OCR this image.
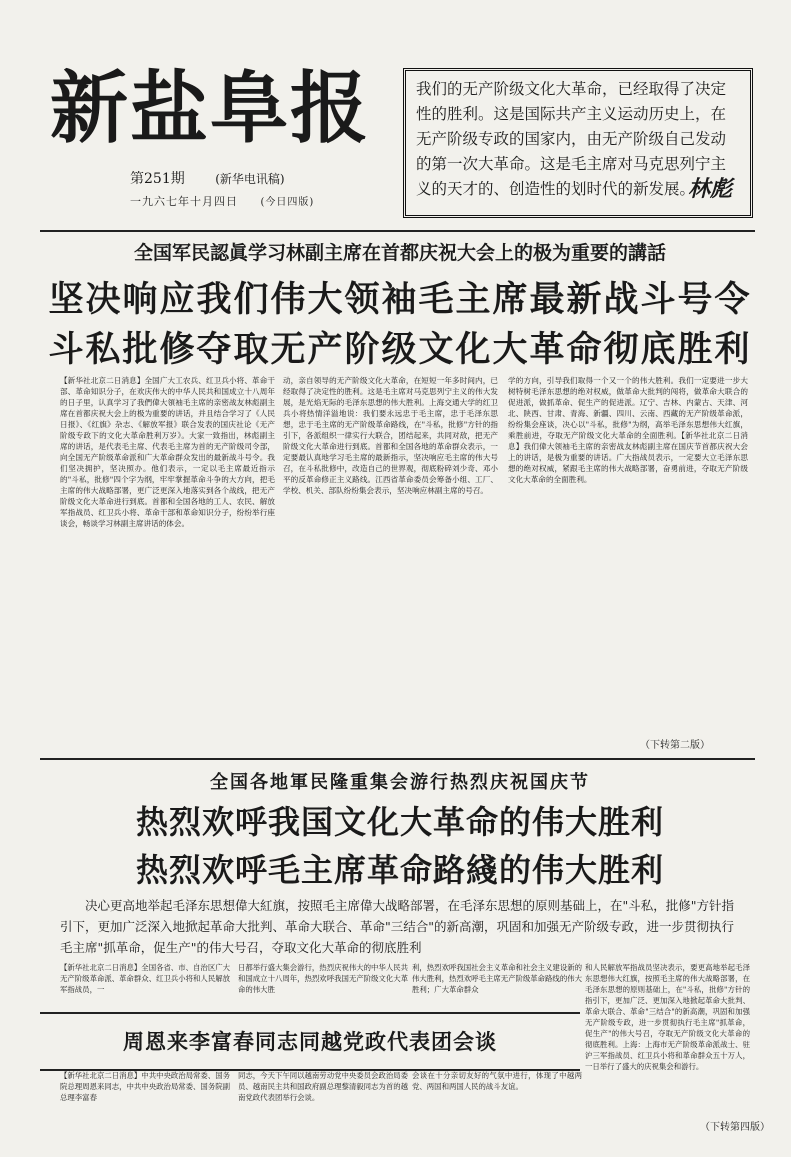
新盐阜报
第251期	(新华电讯稿)
一九六七年十月四日 (今日四版)
我们的无产阶级文化大革命，已经取得了决定性的胜利。这是国际共产主义运动历史上，在无产阶级专政的国家内，由无产阶级自己发动的第一次大革命。这是毛主席对马克思列宁主义的天才的、创造性的划时代的新发展。
林彪
全国军民認眞学习林副主席在首都庆祝大会上的极为重要的講話
坚决响应我们伟大领袖毛主席最新战斗号令
斗私批修夺取无产阶级文化大革命彻底胜利
【新华社北京二日消息】全国广大工农兵、红卫兵小将、革命干部、革命知识分子，在欢庆伟大的中华人民共和国成立十八周年的日子里，认真学习了我們偉大領袖毛主席的亲密战友林彪副主席在首都庆祝大会上的极为重要的讲话，并且结合学习了《人民日报》、《红旗》杂志、《解放军报》联合发表的国庆社论《无产阶级专政下的文化大革命胜利万岁》。大家一致指出，林彪副主席的讲话，是代表毛主席、代表毛主席为首的无产阶级司令部，向全国无产阶级革命派和广大革命群众发出的最新战斗号令。我们坚决拥护，坚决照办。他们表示，一定以毛主席最近指示的"斗私，批修"四个字为纲，牢牢掌握革命斗争的大方向，把毛主席的伟大战略部署，更广泛更深入地落实到各个战线，把无产阶级文化大革命进行到底。首都和全国各地的工人、农民、解放军指战员、红卫兵小将、革命干部和革命知识分子，纷纷举行座谈会，畅谈学习林副主席讲话的体会。
动，亲自领导的无产阶级文化大革命，在短短一年多时间内，已经取得了决定性的胜利。这是毛主席对马克思列宁主义的伟大发展，是光焰无际的毛泽东思想的伟大胜利。上海交通大学的红卫兵小将热情洋溢地说：我们要永远忠于毛主席，忠于毛泽东思想，忠于毛主席的无产阶级革命路线，在"斗私，批修"方针的指引下，各派组织一律实行大联合，团结起来，共同对敌，把无产阶级文化大革命进行到底。首都和全国各地的革命群众表示，一定要最认真地学习毛主席的最新指示，坚决响应毛主席的伟大号召，在斗私批修中，改造自己的世界观，彻底粉碎刘少奇、邓小平的反革命修正主义路线。江西省革命委员会筹备小组、工厂、学校、机关、部队纷纷集会表示，坚决响应林副主席的号召。
学的方向，引导我们取得一个又一个的伟大胜利。我们一定要进一步大树特树毛泽东思想的绝对权威，做革命大批判的闯将，做革命大联合的促进派，做抓革命、促生产的促进派。辽宁、吉林、内蒙古、天津、河北、陕西、甘肃、青海、新疆、四川、云南、西藏的无产阶级革命派，纷纷集会座谈，决心以"斗私，批修"为纲，高举毛泽东思想伟大红旗，乘胜前进，夺取无产阶级文化大革命的全面胜利。【新华社北京二日消息】我们偉大领袖毛主席的亲密战友林彪副主席在国庆节首都庆祝大会上的讲话，是极为重要的讲话。广大指战员表示，一定要大立毛泽东思想的绝对权威，紧跟毛主席的伟大战略部署，奋勇前进，夺取无产阶级文化大革命的全面胜利。
（下转第二版）
全国各地軍民隆重集会游行热烈庆祝国庆节
热烈欢呼我国文化大革命的伟大胜利
热烈欢呼毛主席革命路綫的伟大胜利
决心更高地举起毛泽东思想偉大紅旗，按照毛主席偉大战略部署，在毛泽东思想的原则基础上，在"斗私，批修"方针指引下，更加广泛深入地掀起革命大批判、革命大联合、革命"三结合"的新高潮，巩固和加强无产阶级专政，进一步贯彻执行毛主席"抓革命，促生产"的伟大号召，夺取文化大革命的彻底胜利
【新华社北京二日消息】全国各省、市、自治区广大无产阶级革命派、革命群众、红卫兵小将和人民解放军指战员，一
日都举行盛大集会游行，热烈庆祝伟大的中华人民共和国成立十八周年，热烈欢呼我国无产阶级文化大革命的伟大胜
利，热烈欢呼我国社会主义革命和社会主义建设新的伟大胜利，热烈欢呼毛主席无产阶级革命路线的伟大胜利；广大革命群众
和人民解放军指战员坚决表示，要更高地举起毛泽东思想伟大红旗，按照毛主席的伟大战略部署，在毛泽东思想的原则基础上，在"斗私，批修"方针的指引下，更加广泛、更加深入地掀起革命大批判、革命大联合、革命"三结合"的新高潮，巩固和加强无产阶级专政，进一步贯彻执行毛主席"抓革命，促生产"的伟大号召，夺取无产阶级文化大革命的彻底胜利。上海：上海市无产阶级革命派战士、驻沪三军指战员、红卫兵小将和革命群众五十万人，一日举行了盛大的庆祝集会和游行。
周恩来李富春同志同越党政代表团会谈
【新华社北京二日消息】中共中央政治局常委、国务院总理周恩来同志，中共中央政治局常委、国务院副总理李富春
同志，今天下午同以越南劳动党中央委员会政治局委员、越南民主共和国政府副总理黎清毅同志为首的越南党政代表团举行会谈。
会谈在十分亲切友好的气氛中进行，体现了中越两党、两国和两国人民的战斗友谊。
（下转第四版）
